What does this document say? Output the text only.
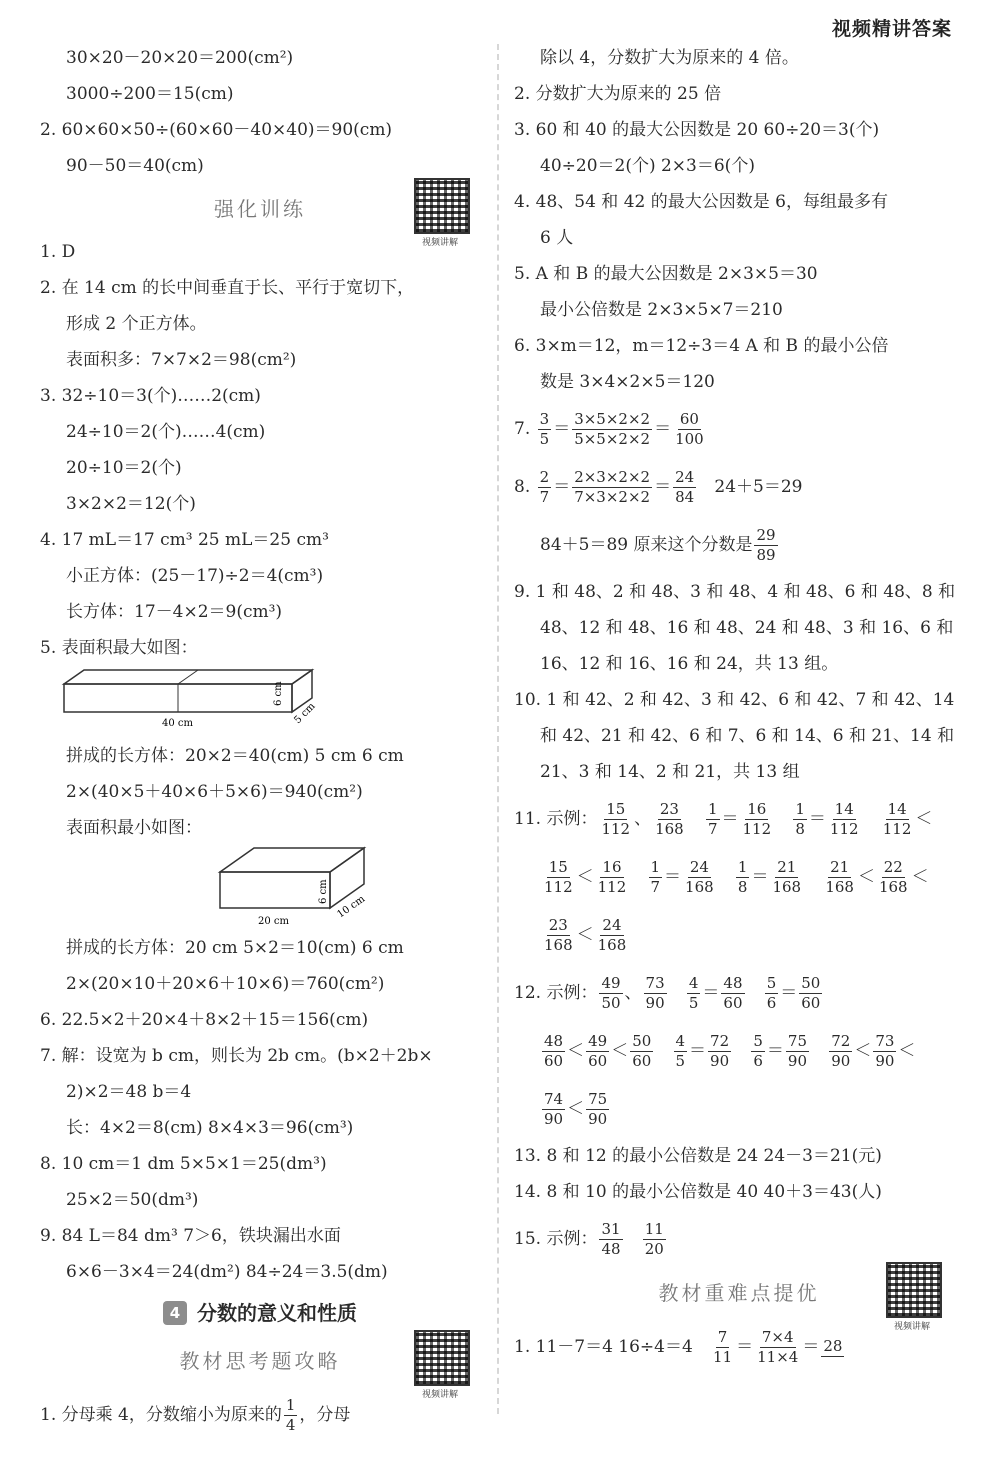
视频精讲答案
30×20－20×20＝200(cm²)
3000÷200＝15(cm)
2. 60×60×50÷(60×60－40×40)＝90(cm)
90－50＝40(cm)
强化训练
视频讲解
1. D
2. 在 14 cm 的长中间垂直于长、平行于宽切下，
形成 2 个正方体。
表面积多：7×7×2＝98(cm²)
3. 32÷10＝3(个)……2(cm)
24÷10＝2(个)……4(cm)
20÷10＝2(个)
3×2×2＝12(个)
4. 17 mL＝17 cm³ 25 mL＝25 cm³
小正方体：(25－17)÷2＝4(cm³)
长方体：17－4×2＝9(cm³)
5. 表面积最大如图：
40 cm
6 cm
5 cm
拼成的长方体：20×2＝40(cm) 5 cm 6 cm
2×(40×5＋40×6＋5×6)＝940(cm²)
表面积最小如图：
20 cm
6 cm
10 cm
拼成的长方体：20 cm 5×2＝10(cm) 6 cm
2×(20×10＋20×6＋10×6)＝760(cm²)
6. 22.5×2＋20×4＋8×2＋15＝156(cm)
7. 解：设宽为 b cm，则长为 2b cm。(b×2＋2b×
2)×2＝48 b＝4
长：4×2＝8(cm) 8×4×3＝96(cm³)
8. 10 cm＝1 dm 5×5×1＝25(dm³)
25×2＝50(dm³)
9. 84 L＝84 dm³ 7＞6，铁块漏出水面
6×6－3×4＝24(dm²) 84÷24＝3.5(dm)
4 分数的意义和性质
教材思考题攻略
视频讲解
1. 分母乘 4，分数缩小为原来的 $\frac{1}{4}$ ，分母
除以 4，分数扩大为原来的 4 倍。
2. 分数扩大为原来的 25 倍
3. 60 和 40 的最大公因数是 20 60÷20＝3(个)
40÷20＝2(个) 2×3＝6(个)
4. 48、54 和 42 的最大公因数是 6，每组最多有
6 人
5. A 和 B 的最大公因数是 2×3×5＝30
最小公倍数是 2×3×5×7＝210
6. 3×m＝12，m＝12÷3＝4 A 和 B 的最小公倍
数是 3×4×2×5＝120
7.
$\frac{3}{5} = \frac{3\times 5\times 2\times 2}{5\times 5\times 2\times 2} = \frac{60}{100}$
8.
$\frac{2}{7} = \frac{2\times 3\times 2\times 2}{7\times 3\times 2\times 2} = \frac{24}{84}$
24＋5＝29
84＋5＝89 原来这个分数是 $\frac{29}{89}$
9. 1 和 48、2 和 48、3 和 48、4 和 48、6 和 48、8 和
48、12 和 48、16 和 48、24 和 48、3 和 16、6 和
16、12 和 16、16 和 24，共 13 组。
10. 1 和 42、2 和 42、3 和 42、6 和 42、7 和 42、14
和 42、21 和 42、6 和 7、6 和 14、6 和 21、14 和
21、3 和 14、2 和 21，共 13 组
11. 示例： $\frac{15}{112}$ 、 $\frac{23}{168}$
$\frac{1}{7} = \frac{16}{112}$
$\frac{1}{8} = \frac{14}{112}$
$\frac{14}{112}$ ＜
$\frac{15}{112} < \frac{16}{112}$
$\frac{1}{7} = \frac{24}{168}$
$\frac{1}{8} = \frac{21}{168}$
$\frac{21}{168} < \frac{22}{168}$ ＜
$\frac{23}{168} < \frac{24}{168}$
12. 示例： $\frac{49}{50}$ 、 $\frac{73}{90}$
$\frac{4}{5} = \frac{48}{60}$
$\frac{5}{6} = \frac{50}{60}$
$\frac{48}{60} < \frac{49}{60} < \frac{50}{60}$
$\frac{4}{5} = \frac{72}{90}$
$\frac{5}{6} = \frac{75}{90}$
$\frac{72}{90} < \frac{73}{90}$ ＜
$\frac{74}{90} < \frac{75}{90}$
13. 8 和 12 的最小公倍数是 24 24－3＝21(元)
14. 8 和 10 的最小公倍数是 40 40＋3＝43(人)
15. 示例： $\frac{31}{48}$
$\frac{11}{20}$
教材重难点提优
视频讲解
1. 11－7＝4 16÷4＝4
$\frac{7}{11} = \frac{7\times 4}{11\times 4} = 28$
